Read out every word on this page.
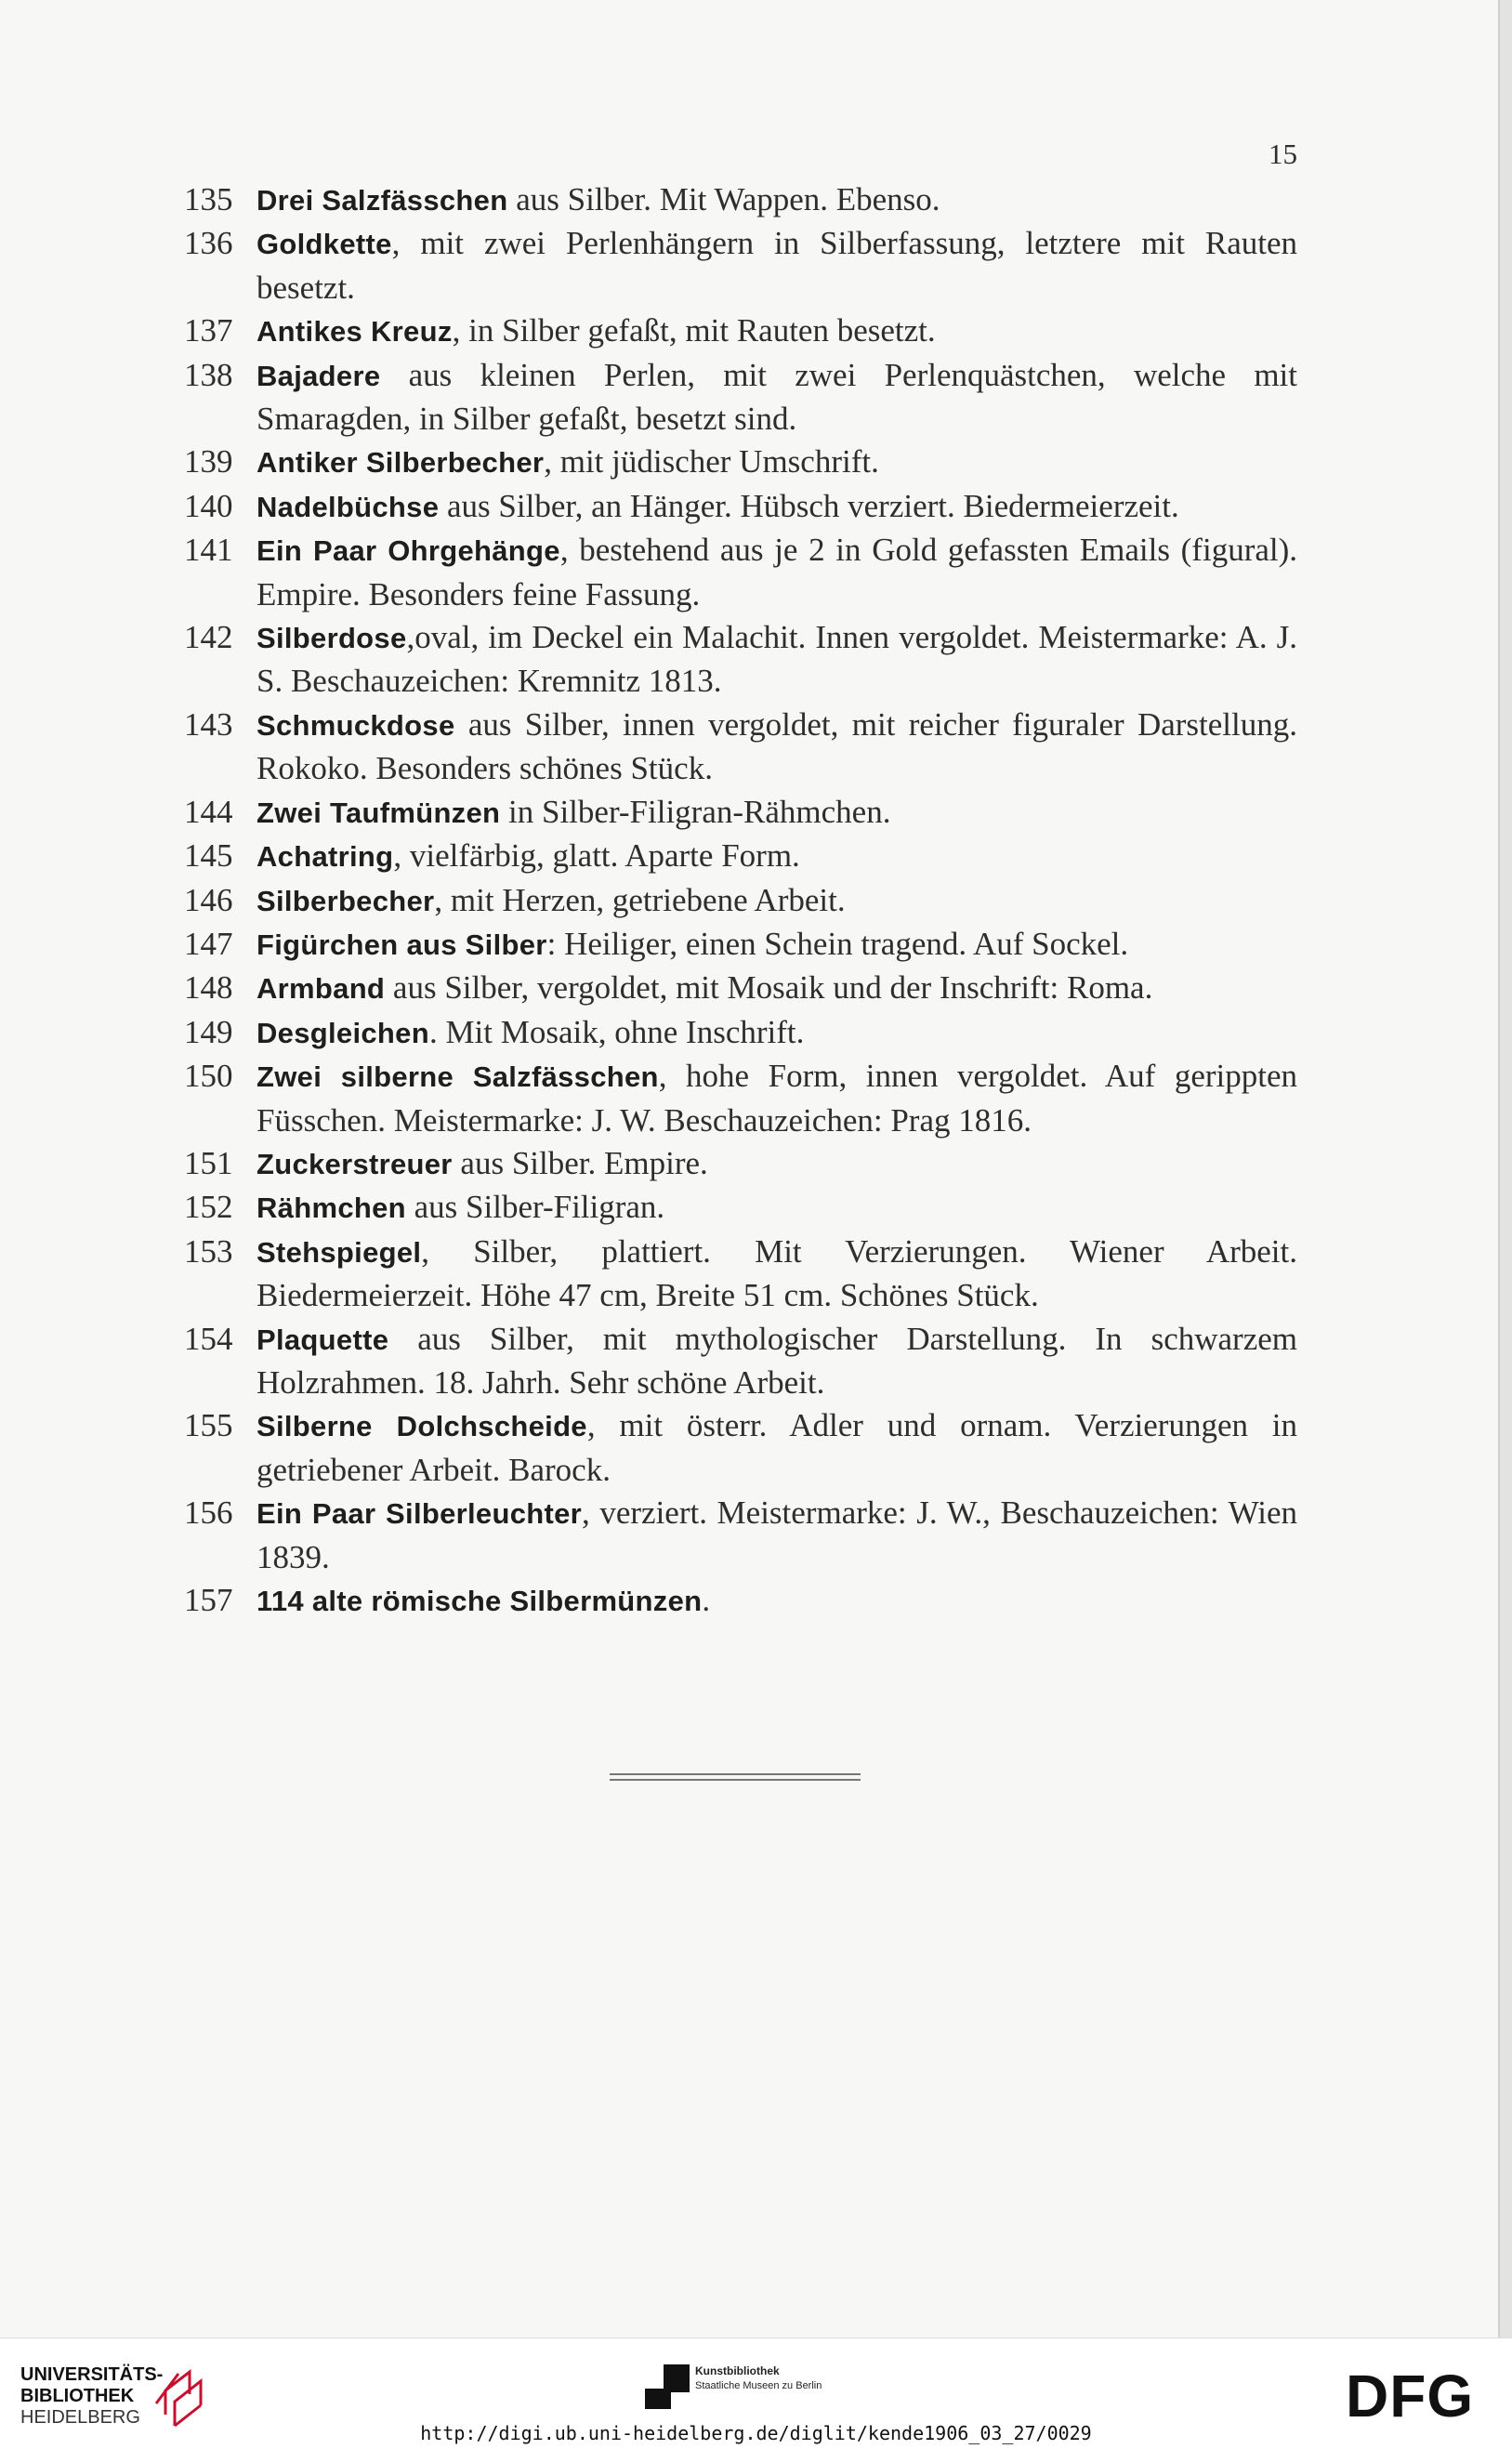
15
135 Drei Salzfässchen aus Silber. Mit Wappen. Ebenso.
136 Goldkette, mit zwei Perlenhängern in Silberfassung, letztere mit Rauten besetzt.
137 Antikes Kreuz, in Silber gefaßt, mit Rauten besetzt.
138 Bajadere aus kleinen Perlen, mit zwei Perlenquästchen, welche mit Smaragden, in Silber gefaßt, besetzt sind.
139 Antiker Silberbecher, mit jüdischer Umschrift.
140 Nadelbüchse aus Silber, an Hänger. Hübsch verziert. Biedermeierzeit.
141 Ein Paar Ohrgehänge, bestehend aus je 2 in Gold gefassten Emails (figural). Empire. Besonders feine Fassung.
142 Silberdose,oval, im Deckel ein Malachit. Innen vergoldet. Meistermarke: A. J. S. Beschauzeichen: Kremnitz 1813.
143 Schmuckdose aus Silber, innen vergoldet, mit reicher figuraler Darstellung. Rokoko. Besonders schönes Stück.
144 Zwei Taufmünzen in Silber-Filigran-Rähmchen.
145 Achatring, vielfärbig, glatt. Aparte Form.
146 Silberbecher, mit Herzen, getriebene Arbeit.
147 Figürchen aus Silber: Heiliger, einen Schein tragend. Auf Sockel.
148 Armband aus Silber, vergoldet, mit Mosaik und der Inschrift: Roma.
149 Desgleichen. Mit Mosaik, ohne Inschrift.
150 Zwei silberne Salzfässchen, hohe Form, innen vergoldet. Auf gerippten Füsschen. Meistermarke: J. W. Beschauzeichen: Prag 1816.
151 Zuckerstreuer aus Silber. Empire.
152 Rähmchen aus Silber-Filigran.
153 Stehspiegel, Silber, plattiert. Mit Verzierungen. Wiener Arbeit. Biedermeierzeit. Höhe 47 cm, Breite 51 cm. Schönes Stück.
154 Plaquette aus Silber, mit mythologischer Darstellung. In schwarzem Holzrahmen. 18. Jahrh. Sehr schöne Arbeit.
155 Silberne Dolchscheide, mit österr. Adler und ornam. Verzierungen in getriebener Arbeit. Barock.
156 Ein Paar Silberleuchter, verziert. Meistermarke: J. W., Beschauzeichen: Wien 1839.
157 114 alte römische Silbermünzen.
UNIVERSITÄTS-
BIBLIOTHEK
HEIDELBERG
Kunstbibliothek
Staatliche Museen zu Berlin	DFG
http://digi.ub.uni-heidelberg.de/diglit/kende1906_03_27/0029
